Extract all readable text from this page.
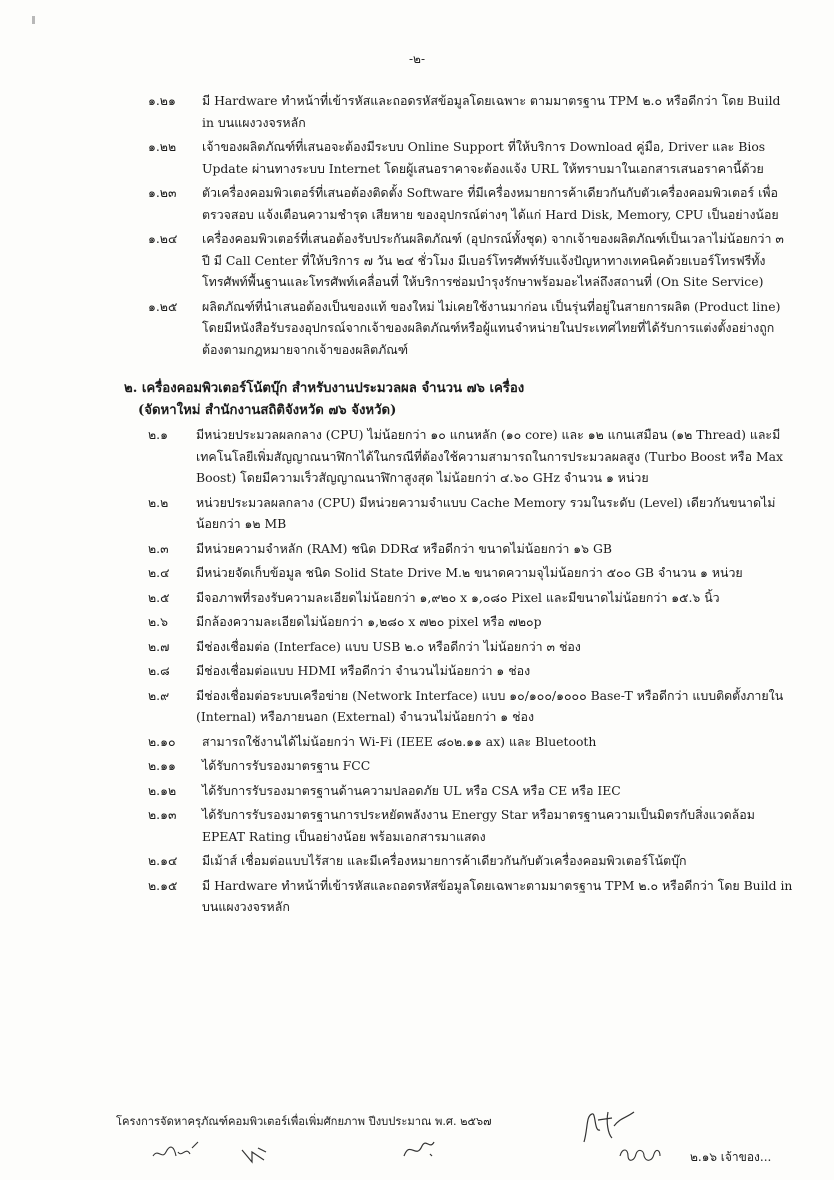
-๒-
๑.๒๑ มี Hardware ทำหน้าที่เข้ารหัสและถอดรหัสข้อมูลโดยเฉพาะ ตามมาตรฐาน TPM ๒.๐ หรือดีกว่า โดย Build in บนแผงวงจรหลัก
๑.๒๒ เจ้าของผลิตภัณฑ์ที่เสนอจะต้องมีระบบ Online Support ที่ให้บริการ Download คู่มือ, Driver และ Bios Update ผ่านทางระบบ Internet โดยผู้เสนอราคาจะต้องแจ้ง URL ให้ทราบมาในเอกสารเสนอราคานี้ด้วย
๑.๒๓ ตัวเครื่องคอมพิวเตอร์ที่เสนอต้องติดตั้ง Software ที่มีเครื่องหมายการค้าเดียวกันกับตัวเครื่องคอมพิวเตอร์ เพื่อตรวจสอบ แจ้งเตือนความชำรุด เสียหาย ของอุปกรณ์ต่างๆ ได้แก่ Hard Disk, Memory, CPU เป็นอย่างน้อย
๑.๒๔ เครื่องคอมพิวเตอร์ที่เสนอต้องรับประกันผลิตภัณฑ์ (อุปกรณ์ทั้งชุด) จากเจ้าของผลิตภัณฑ์เป็นเวลาไม่น้อยกว่า ๓ ปี มี Call Center ที่ให้บริการ ๗ วัน ๒๔ ชั่วโมง มีเบอร์โทรศัพท์รับแจ้งปัญหาทางเทคนิคด้วยเบอร์โทรฟรีทั้งโทรศัพท์พื้นฐานและโทรศัพท์เคลื่อนที่ ให้บริการซ่อมบำรุงรักษาพร้อมอะไหล่ถึงสถานที่ (On Site Service)
๑.๒๕ ผลิตภัณฑ์ที่นำเสนอต้องเป็นของแท้ ของใหม่ ไม่เคยใช้งานมาก่อน เป็นรุ่นที่อยู่ในสายการผลิต (Product line) โดยมีหนังสือรับรองอุปกรณ์จากเจ้าของผลิตภัณฑ์หรือผู้แทนจำหน่ายในประเทศไทยที่ได้รับการแต่งตั้งอย่างถูกต้องตามกฎหมายจากเจ้าของผลิตภัณฑ์
๒. เครื่องคอมพิวเตอร์โน้ตบุ๊ก สำหรับงานประมวลผล จำนวน ๗๖ เครื่อง
(จัดหาใหม่ สำนักงานสถิติจังหวัด ๗๖ จังหวัด)
๒.๑ มีหน่วยประมวลผลกลาง (CPU) ไม่น้อยกว่า ๑๐ แกนหลัก (๑๐ core) และ ๑๒ แกนเสมือน (๑๒ Thread) และมีเทคโนโลยีเพิ่มสัญญาณนาฬิกาได้ในกรณีที่ต้องใช้ความสามารถในการประมวลผลสูง (Turbo Boost หรือ Max Boost) โดยมีความเร็วสัญญาณนาฬิกาสูงสุด ไม่น้อยกว่า ๔.๖๐ GHz จำนวน ๑ หน่วย
๒.๒ หน่วยประมวลผลกลาง (CPU) มีหน่วยความจำแบบ Cache Memory รวมในระดับ (Level) เดียวกันขนาดไม่น้อยกว่า ๑๒ MB
๒.๓ มีหน่วยความจำหลัก (RAM) ชนิด DDR๔ หรือดีกว่า ขนาดไม่น้อยกว่า ๑๖ GB
๒.๔ มีหน่วยจัดเก็บข้อมูล ชนิด Solid State Drive M.๒ ขนาดความจุไม่น้อยกว่า ๕๐๐ GB จำนวน ๑ หน่วย
๒.๕ มีจอภาพที่รองรับความละเอียดไม่น้อยกว่า ๑,๙๒๐ x ๑,๐๘๐ Pixel และมีขนาดไม่น้อยกว่า ๑๕.๖ นิ้ว
๒.๖ มีกล้องความละเอียดไม่น้อยกว่า ๑,๒๘๐ x ๗๒๐ pixel หรือ ๗๒๐p
๒.๗ มีช่องเชื่อมต่อ (Interface) แบบ USB ๒.๐ หรือดีกว่า ไม่น้อยกว่า ๓ ช่อง
๒.๘ มีช่องเชื่อมต่อแบบ HDMI หรือดีกว่า จำนวนไม่น้อยกว่า ๑ ช่อง
๒.๙ มีช่องเชื่อมต่อระบบเครือข่าย (Network Interface) แบบ ๑๐/๑๐๐/๑๐๐๐ Base-T หรือดีกว่า แบบติดตั้งภายใน (Internal) หรือภายนอก (External) จำนวนไม่น้อยกว่า ๑ ช่อง
๒.๑๐ สามารถใช้งานได้ไม่น้อยกว่า Wi-Fi (IEEE ๘๐๒.๑๑ ax) และ Bluetooth
๒.๑๑ ได้รับการรับรองมาตรฐาน FCC
๒.๑๒ ได้รับการรับรองมาตรฐานด้านความปลอดภัย UL หรือ CSA หรือ CE หรือ IEC
๒.๑๓ ได้รับการรับรองมาตรฐานการประหยัดพลังงาน Energy Star หรือมาตรฐานความเป็นมิตรกับสิ่งแวดล้อม EPEAT Rating เป็นอย่างน้อย พร้อมเอกสารมาแสดง
๒.๑๔ มีเม้าส์ เชื่อมต่อแบบไร้สาย และมีเครื่องหมายการค้าเดียวกันกับตัวเครื่องคอมพิวเตอร์โน้ตบุ๊ก
๒.๑๕ มี Hardware ทำหน้าที่เข้ารหัสและถอดรหัสข้อมูลโดยเฉพาะตามมาตรฐาน TPM ๒.๐ หรือดีกว่า โดย Build in บนแผงวงจรหลัก
โครงการจัดหาครุภัณฑ์คอมพิวเตอร์เพื่อเพิ่มศักยภาพ ปีงบประมาณ พ.ศ. ๒๕๖๗
๒.๑๖ เจ้าของ...
